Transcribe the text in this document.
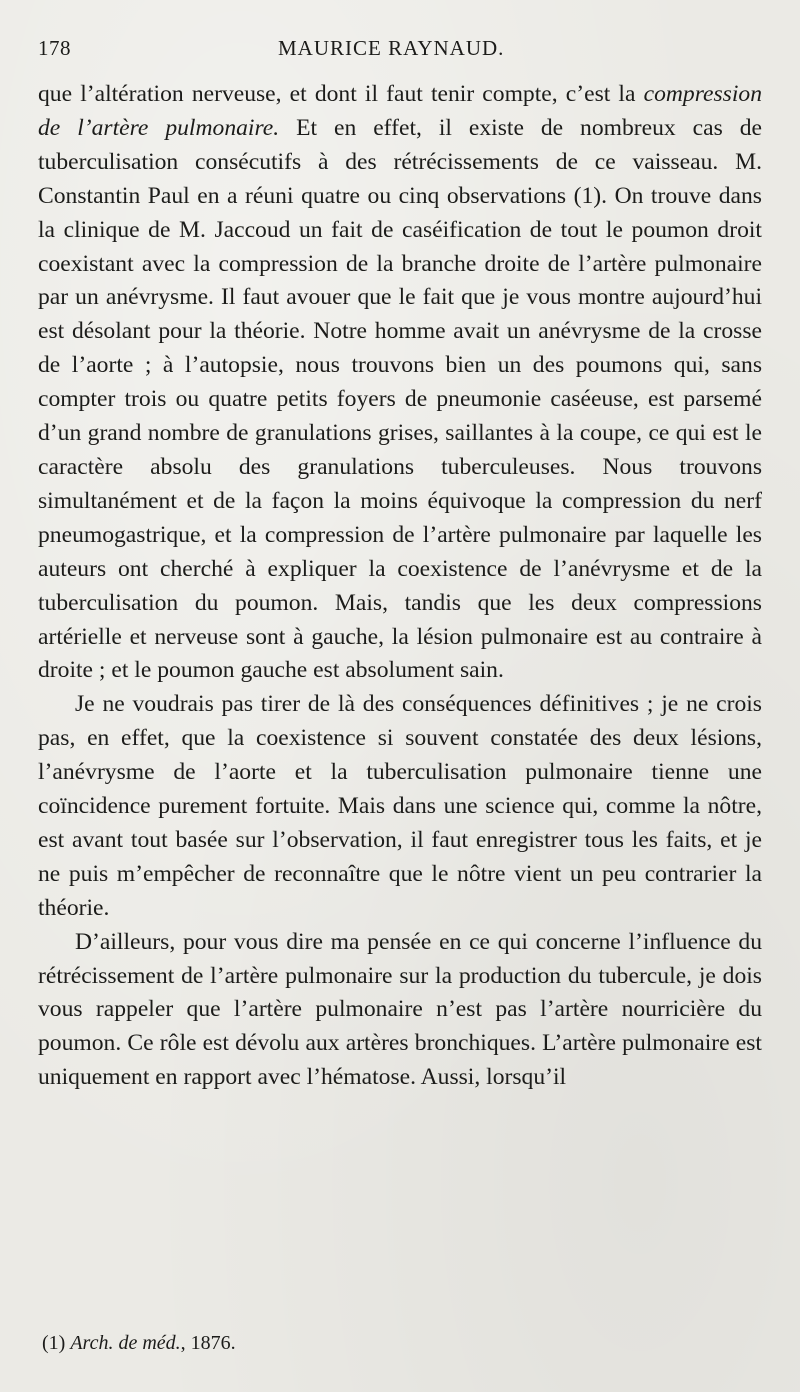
178	MAURICE RAYNAUD.

que l’altération nerveuse, et dont il faut tenir compte, c’est la compression de l’artère pulmonaire. Et en effet, il existe de nombreux cas de tuberculisation consécutifs à des rétrécissements de ce vaisseau. M. Constantin Paul en a réuni quatre ou cinq observations (1). On trouve dans la clinique de M. Jaccoud un fait de caséification de tout le poumon droit coexistant avec la compression de la branche droite de l’artère pulmonaire par un anévrysme. Il faut avouer que le fait que je vous montre aujourd’hui est désolant pour la théorie. Notre homme avait un anévrysme de la crosse de l’aorte ; à l’autopsie, nous trouvons bien un des poumons qui, sans compter trois ou quatre petits foyers de pneumonie caséeuse, est parsemé d’un grand nombre de granulations grises, saillantes à la coupe, ce qui est le caractère absolu des granulations tuberculeuses. Nous trouvons simultanément et de la façon la moins équivoque la compression du nerf pneumogastrique, et la compression de l’artère pulmonaire par laquelle les auteurs ont cherché à expliquer la coexistence de l’anévrysme et de la tuberculisation du poumon. Mais, tandis que les deux compressions artérielle et nerveuse sont à gauche, la lésion pulmonaire est au contraire à droite ; et le poumon gauche est absolument sain.

Je ne voudrais pas tirer de là des conséquences définitives ; je ne crois pas, en effet, que la coexistence si souvent constatée des deux lésions, l’anévrysme de l’aorte et la tuberculisation pulmonaire tienne une coïncidence purement fortuite. Mais dans une science qui, comme la nôtre, est avant tout basée sur l’observation, il faut enregistrer tous les faits, et je ne puis m’empêcher de reconnaître que le nôtre vient un peu contrarier la théorie.

D’ailleurs, pour vous dire ma pensée en ce qui concerne l’influence du rétrécissement de l’artère pulmonaire sur la production du tubercule, je dois vous rappeler que l’artère pulmonaire n’est pas l’artère nourricière du poumon. Ce rôle est dévolu aux artères bronchiques. L’artère pulmonaire est uniquement en rapport avec l’hématose. Aussi, lorsqu’il

(1) Arch. de méd., 1876.
